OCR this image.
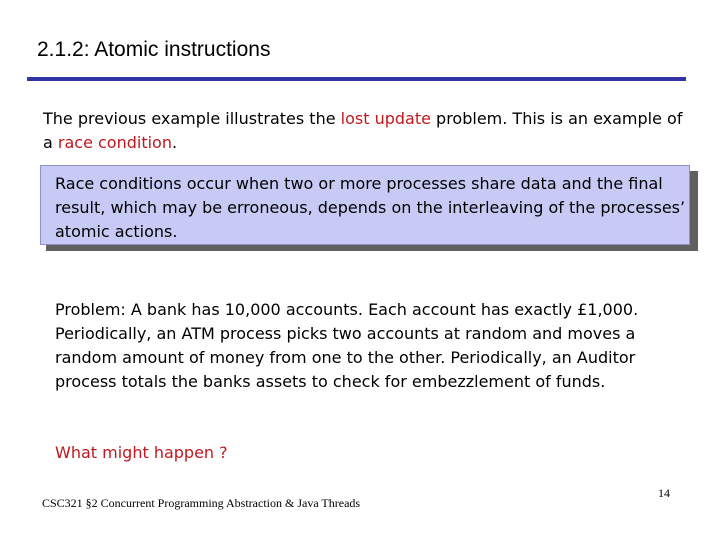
2.1.2: Atomic instructions
The previous example illustrates the lost update problem. This is an example of a race condition.
Race conditions occur when two or more processes share data and the final result, which may be erroneous, depends on the interleaving of the processes’ atomic actions.
Problem: A bank has 10,000 accounts. Each account has exactly £1,000. Periodically, an ATM process picks two accounts at random and moves a random amount of money from one to the other. Periodically, an Auditor process totals the banks assets to check for embezzlement of funds.
What might happen ?
CSC321 §2 Concurrent Programming Abstraction & Java Threads
14
